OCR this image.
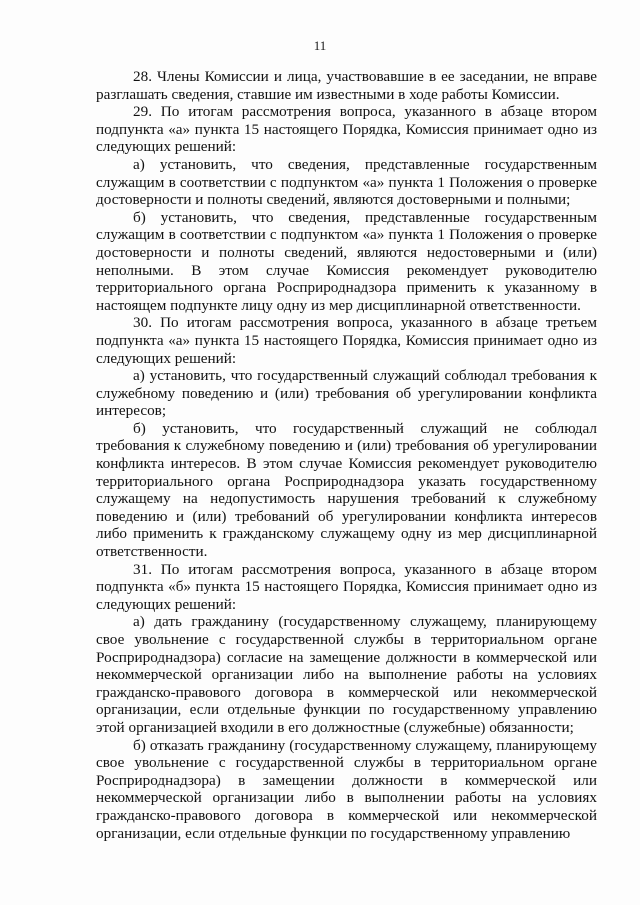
11

28. Члены Комиссии и лица, участвовавшие в ее заседании, не вправе разглашать сведения, ставшие им известными в ходе работы Комиссии.

29. По итогам рассмотрения вопроса, указанного в абзаце втором подпункта «а» пункта 15 настоящего Порядка, Комиссия принимает одно из следующих решений:

а) установить, что сведения, представленные государственным служащим в соответствии с подпунктом «а» пункта 1 Положения о проверке достоверности и полноты сведений, являются достоверными и полными;

б) установить, что сведения, представленные государственным служащим в соответствии с подпунктом «а» пункта 1 Положения о проверке достоверности и полноты сведений, являются недостоверными и (или) неполными. В этом случае Комиссия рекомендует руководителю территориального органа Росприроднадзора применить к указанному в настоящем подпункте лицу одну из мер дисциплинарной ответственности.

30. По итогам рассмотрения вопроса, указанного в абзаце третьем подпункта «а» пункта 15 настоящего Порядка, Комиссия принимает одно из следующих решений:

а) установить, что государственный служащий соблюдал требования к служебному поведению и (или) требования об урегулировании конфликта интересов;

б) установить, что государственный служащий не соблюдал требования к служебному поведению и (или) требования об урегулировании конфликта интересов. В этом случае Комиссия рекомендует руководителю территориального органа Росприроднадзора указать государственному служащему на недопустимость нарушения требований к служебному поведению и (или) требований об урегулировании конфликта интересов либо применить к гражданскому служащему одну из мер дисциплинарной ответственности.

31. По итогам рассмотрения вопроса, указанного в абзаце втором подпункта «б» пункта 15 настоящего Порядка, Комиссия принимает одно из следующих решений:

а) дать гражданину (государственному служащему, планирующему свое увольнение с государственной службы в территориальном органе Росприроднадзора) согласие на замещение должности в коммерческой или некоммерческой организации либо на выполнение работы на условиях гражданско-правового договора в коммерческой или некоммерческой организации, если отдельные функции по государственному управлению этой организацией входили в его должностные (служебные) обязанности;

б) отказать гражданину (государственному служащему, планирующему свое увольнение с государственной службы в территориальном органе Росприроднадзора) в замещении должности в коммерческой или некоммерческой организации либо в выполнении работы на условиях гражданско-правового договора в коммерческой или некоммерческой организации, если отдельные функции по государственному управлению
